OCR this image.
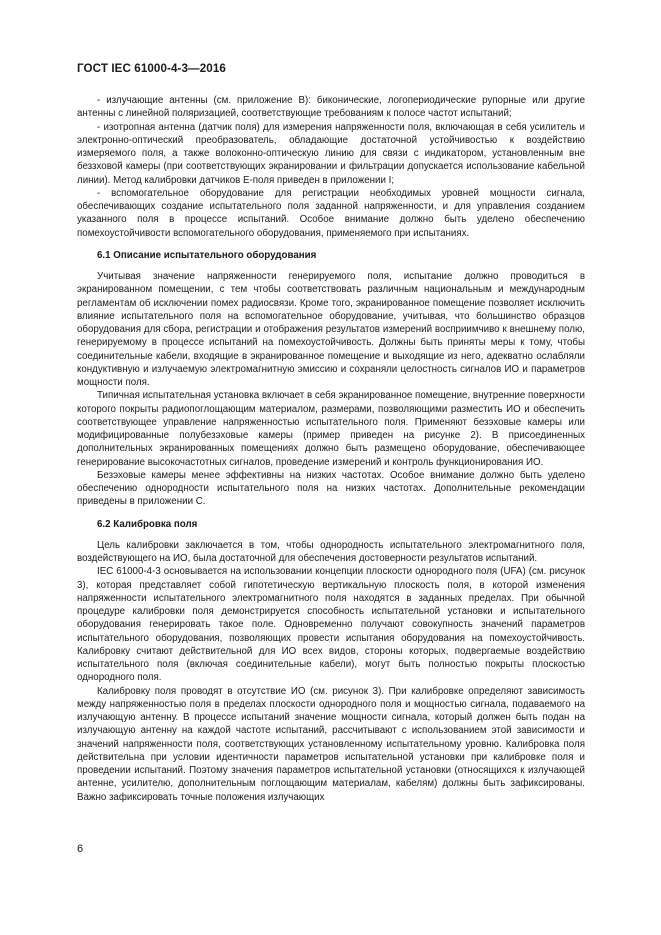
ГОСТ IEC 61000-4-3—2016

- излучающие антенны (см. приложение В): биконические, логопериодические рупорные или другие антенны с линейной поляризацией, соответствующие требованиям к полосе частот испытаний;

- изотропная антенна (датчик поля) для измерения напряженности поля, включающая в себя усилитель и электронно-оптический преобразователь, обладающие достаточной устойчивостью к воздействию измеряемого поля, а также волоконно-оптическую линию для связи с индикатором, установленным вне беззховой камеры (при соответствующих экранировании и фильтрации допускается использование кабельной линии). Метод калибровки датчиков Е-поля приведен в приложении I;

- вспомогательное оборудование для регистрации необходимых уровней мощности сигнала, обеспечивающих создание испытательного поля заданной напряженности, и для управления созданием указанного поля в процессе испытаний. Особое внимание должно быть уделено обеспечению помехоустойчивости вспомогательного оборудования, применяемого при испытаниях.

6.1 Описание испытательного оборудования

Учитывая значение напряженности генерируемого поля, испытание должно проводиться в экранированном помещении, с тем чтобы соответствовать различным национальным и международным регламентам об исключении помех радиосвязи. Кроме того, экранированное помещение позволяет исключить влияние испытательного поля на вспомогательное оборудование, учитывая, что большинство образцов оборудования для сбора, регистрации и отображения результатов измерений восприимчиво к внешнему полю, генерируемому в процессе испытаний на помехоустойчивость. Должны быть приняты меры к тому, чтобы соединительные кабели, входящие в экранированное помещение и выходящие из него, адекватно ослабляли кондуктивную и излучаемую электромагнитную эмиссию и сохраняли целостность сигналов ИО и параметров мощности поля.

Типичная испытательная установка включает в себя экранированное помещение, внутренние поверхности которого покрыты радиопоглощающим материалом, размерами, позволяющими разместить ИО и обеспечить соответствующее управление напряженностью испытательного поля. Применяют безэховые камеры или модифицированные полубезэховые камеры (пример приведен на рисунке 2). В присоединенных дополнительных экранированных помещениях должно быть размещено оборудование, обеспечивающее генерирование высокочастотных сигналов, проведение измерений и контроль функционирования ИО.

Безэховые камеры менее эффективны на низких частотах. Особое внимание должно быть уделено обеспечению однородности испытательного поля на низких частотах. Дополнительные рекомендации приведены в приложении С.

6.2 Калибровка поля

Цель калибровки заключается в том, чтобы однородность испытательного электромагнитного поля, воздействующего на ИО, была достаточной для обеспечения достоверности результатов испытаний.

IEC 61000-4-3 основывается на использовании концепции плоскости однородного поля (UFA) (см. рисунок 3), которая представляет собой гипотетическую вертикальную плоскость поля, в которой изменения напряженности испытательного электромагнитного поля находятся в заданных пределах. При обычной процедуре калибровки поля демонстрируется способность испытательной установки и испытательного оборудования генерировать такое поле. Одновременно получают совокупность значений параметров испытательного оборудования, позволяющих провести испытания оборудования на помехоустойчивость. Калибровку считают действительной для ИО всех видов, стороны которых, подвергаемые воздействию испытательного поля (включая соединительные кабели), могут быть полностью покрыты плоскостью однородного поля.

Калибровку поля проводят в отсутствие ИО (см. рисунок 3). При калибровке определяют зависимость между напряженностью поля в пределах плоскости однородного поля и мощностью сигнала, подаваемого на излучающую антенну. В процессе испытаний значение мощности сигнала, который должен быть подан на излучающую антенну на каждой частоте испытаний, рассчитывают с использованием этой зависимости и значений напряженности поля, соответствующих установленному испытательному уровню. Калибровка поля действительна при условии идентичности параметров испытательной установки при калибровке поля и проведении испытаний. Поэтому значения параметров испытательной установки (относящихся к излучающей антенне, усилителю, дополнительным поглощающим материалам, кабелям) должны быть зафиксированы. Важно зафиксировать точные положения излучающих

6
